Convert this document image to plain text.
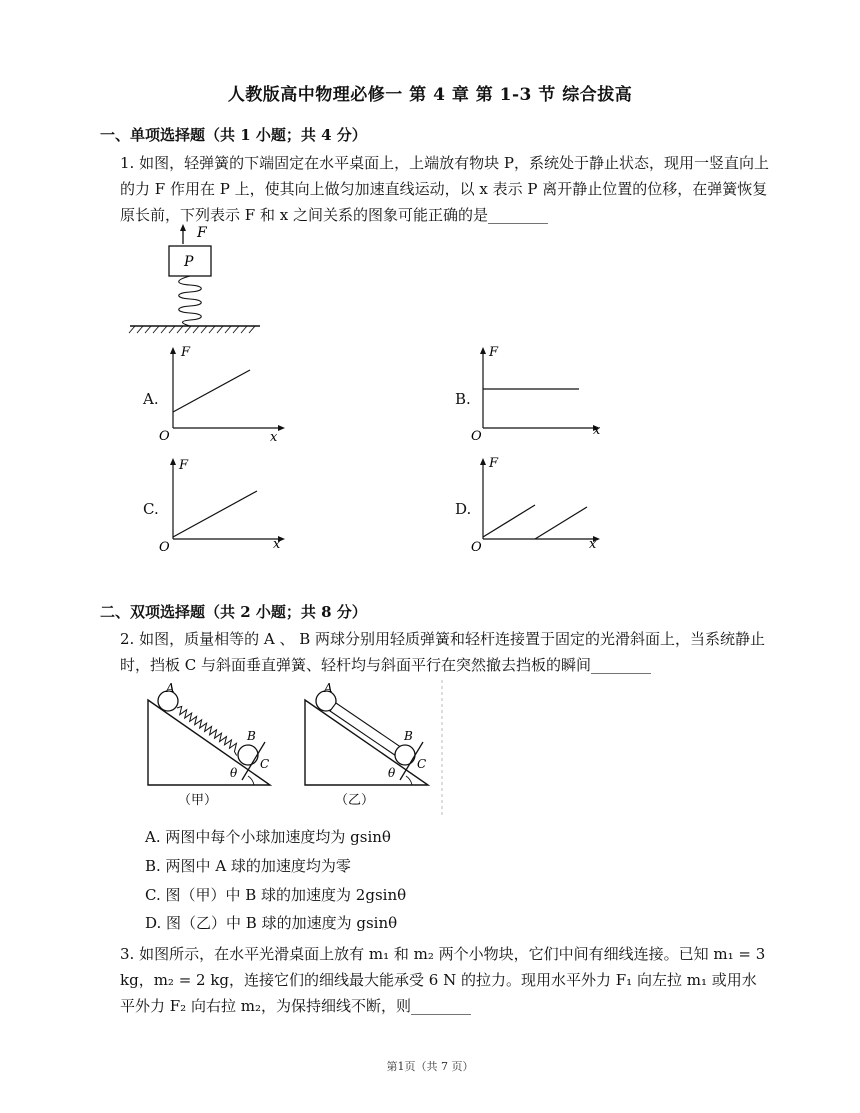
人教版高中物理必修一 第 4 章 第 1-3 节 综合拔高
一、单项选择题（共 1 小题；共 4 分）
1. 如图，轻弹簧的下端固定在水平桌面上，上端放有物块 P，系统处于静止状态，现用一竖直向上的力 F 作用在 P 上，使其向上做匀加速直线运动，以 x 表示 P 离开静止位置的位移，在弹簧恢复原长前，下列表示 F 和 x 之间关系的图象可能正确的是________
F
P
A.
F
O	x
B.
F
O	x
C.
F
O	x
D.
F
O	x
二、双项选择题（共 2 小题；共 8 分）
2. 如图，质量相等的 A 、 B 两球分别用轻质弹簧和轻杆连接置于固定的光滑斜面上，当系统静止时，挡板 C 与斜面垂直弹簧、轻杆均与斜面平行在突然撤去挡板的瞬间________
A
B
C
θ
（甲）
A
B
C
θ
（乙）
A. 两图中每个小球加速度均为 gsinθ
B. 两图中 A 球的加速度均为零
C. 图（甲）中 B 球的加速度为 2gsinθ
D. 图（乙）中 B 球的加速度为 gsinθ
3. 如图所示，在水平光滑桌面上放有 m₁ 和 m₂ 两个小物块，它们中间有细线连接。已知 m₁ = 3 kg，m₂ = 2 kg，连接它们的细线最大能承受 6 N 的拉力。现用水平外力 F₁ 向左拉 m₁ 或用水平外力 F₂ 向右拉 m₂，为保持细线不断，则________
第1页（共 7 页）
